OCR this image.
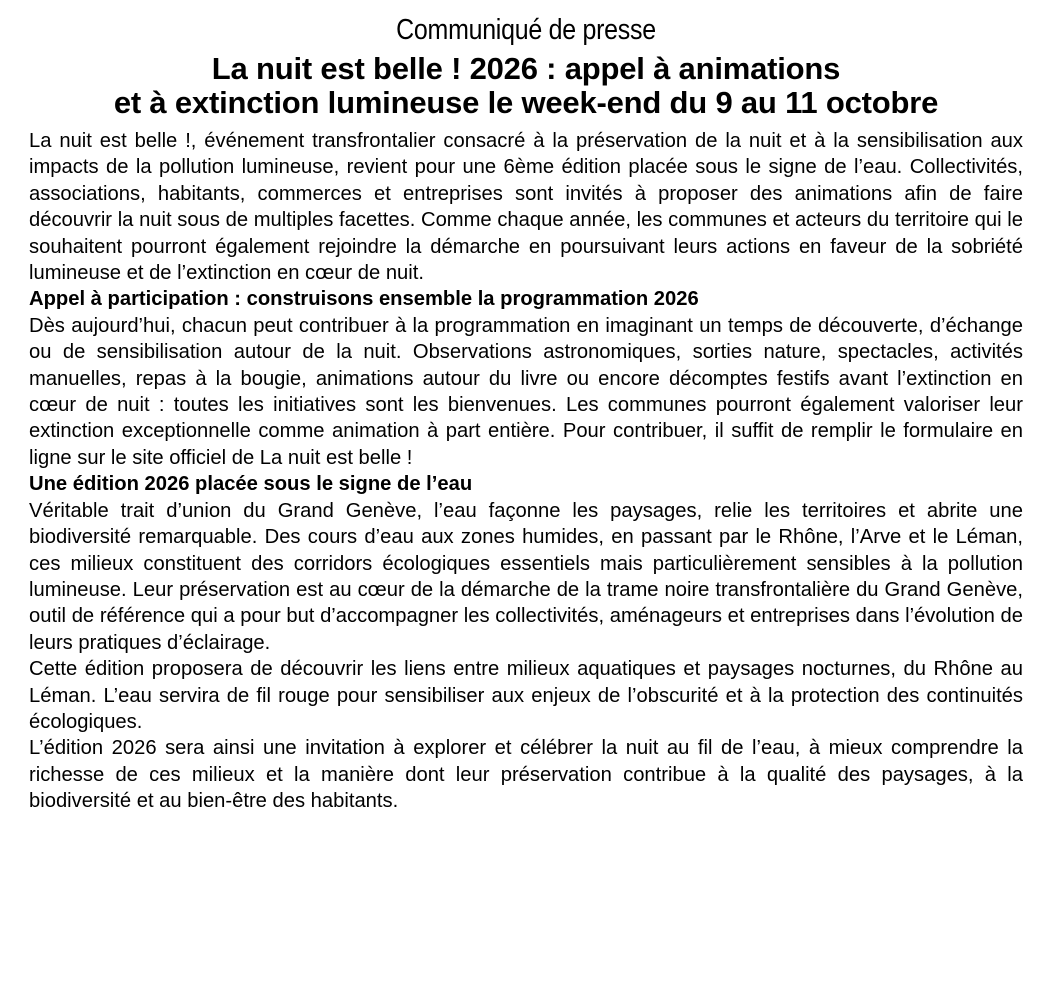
Communiqué de presse

La nuit est belle ! 2026 : appel à animations
et à extinction lumineuse le week-end du 9 au 11 octobre

La nuit est belle !, événement transfrontalier consacré à la préservation de la nuit et à la sensibilisation aux impacts de la pollution lumineuse, revient pour une 6ème édition placée sous le signe de l’eau. Collectivités, associations, habitants, commerces et entreprises sont invités à proposer des animations afin de faire découvrir la nuit sous de multiples facettes. Comme chaque année, les communes et acteurs du territoire qui le souhaitent pourront également rejoindre la démarche en poursuivant leurs actions en faveur de la sobriété lumineuse et de l’extinction en cœur de nuit.

Appel à participation : construisons ensemble la programmation 2026

Dès aujourd’hui, chacun peut contribuer à la programmation en imaginant un temps de découverte, d’échange ou de sensibilisation autour de la nuit. Observations astronomiques, sorties nature, spectacles, activités manuelles, repas à la bougie, animations autour du livre ou encore décomptes festifs avant l’extinction en cœur de nuit : toutes les initiatives sont les bienvenues. Les communes pourront également valoriser leur extinction exceptionnelle comme animation à part entière. Pour contribuer, il suffit de remplir le formulaire en ligne sur le site officiel de La nuit est belle !

Une édition 2026 placée sous le signe de l’eau

Véritable trait d’union du Grand Genève, l’eau façonne les paysages, relie les territoires et abrite une biodiversité remarquable. Des cours d’eau aux zones humides, en passant par le Rhône, l’Arve et le Léman, ces milieux constituent des corridors écologiques essentiels mais particulièrement sensibles à la pollution lumineuse. Leur préservation est au cœur de la démarche de la trame noire transfrontalière du Grand Genève, outil de référence qui a pour but d’accompagner les collectivités, aménageurs et entreprises dans l’évolution de leurs pratiques d’éclairage.

Cette édition proposera de découvrir les liens entre milieux aquatiques et paysages nocturnes, du Rhône au Léman. L’eau servira de fil rouge pour sensibiliser aux enjeux de l’obscurité et à la protection des continuités écologiques.

L’édition 2026 sera ainsi une invitation à explorer et célébrer la nuit au fil de l’eau, à mieux comprendre la richesse de ces milieux et la manière dont leur préservation contribue à la qualité des paysages, à la biodiversité et au bien-être des habitants.
